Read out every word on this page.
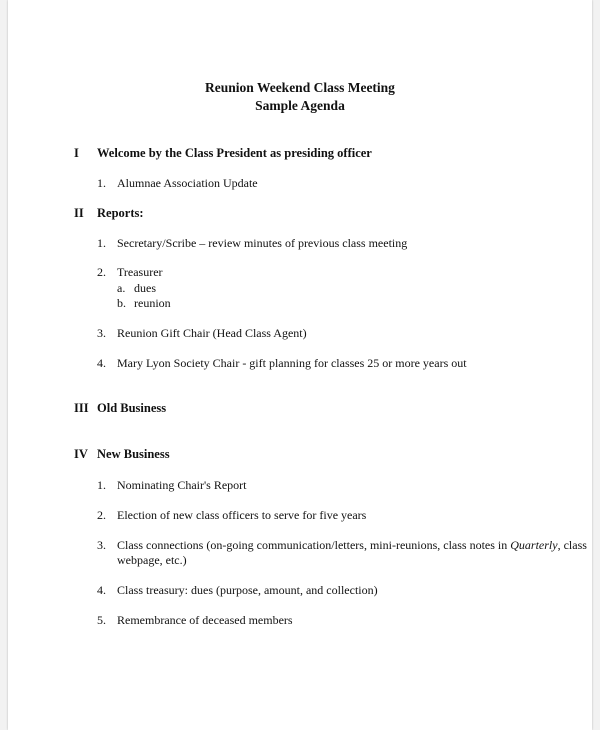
Reunion Weekend Class Meeting
Sample Agenda
I Welcome by the Class President as presiding officer
1. Alumnae Association Update
II Reports:
1. Secretary/Scribe – review minutes of previous class meeting
2. Treasurer
a. dues
b. reunion
3. Reunion Gift Chair (Head Class Agent)
4. Mary Lyon Society Chair - gift planning for classes 25 or more years out
III Old Business
IV New Business
1. Nominating Chair's Report
2. Election of new class officers to serve for five years
3. Class connections (on-going communication/letters, mini-reunions, class notes in Quarterly, class
webpage, etc.)
4. Class treasury: dues (purpose, amount, and collection)
5. Remembrance of deceased members
